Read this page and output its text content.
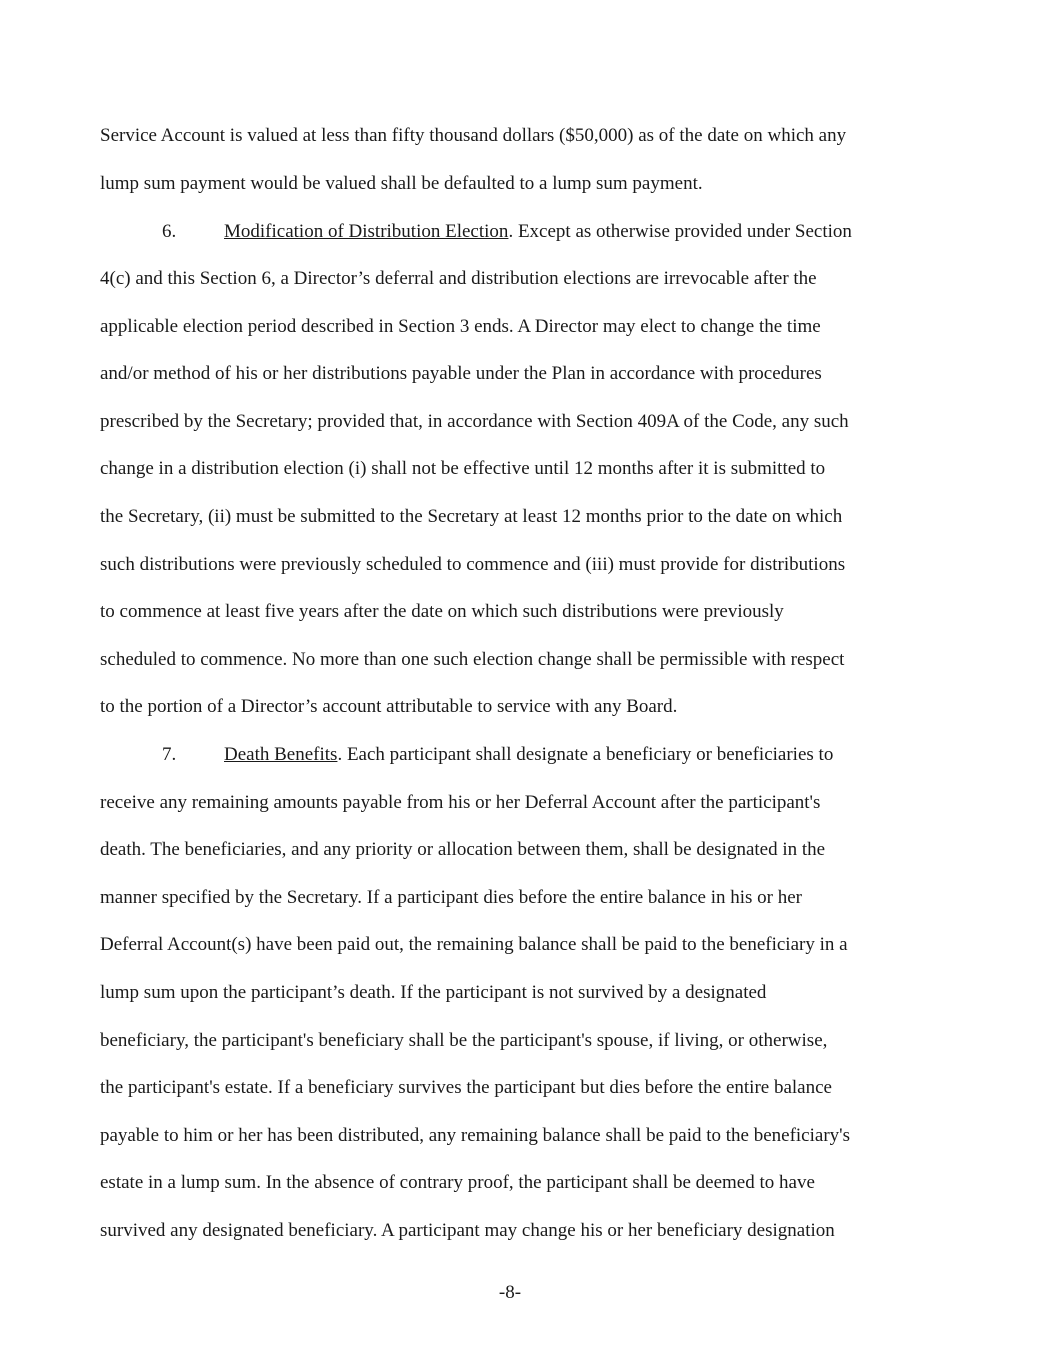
Service Account is valued at less than fifty thousand dollars ($50,000) as of the date on which any
lump sum payment would be valued shall be defaulted to a lump sum payment.
6.	Modification of Distribution Election. Except as otherwise provided under Section
4(c) and this Section 6, a Director’s deferral and distribution elections are irrevocable after the
applicable election period described in Section 3 ends. A Director may elect to change the time
and/or method of his or her distributions payable under the Plan in accordance with procedures
prescribed by the Secretary; provided that, in accordance with Section 409A of the Code, any such
change in a distribution election (i) shall not be effective until 12 months after it is submitted to
the Secretary, (ii) must be submitted to the Secretary at least 12 months prior to the date on which
such distributions were previously scheduled to commence and (iii) must provide for distributions
to commence at least five years after the date on which such distributions were previously
scheduled to commence. No more than one such election change shall be permissible with respect
to the portion of a Director’s account attributable to service with any Board.
7.	Death Benefits. Each participant shall designate a beneficiary or beneficiaries to
receive any remaining amounts payable from his or her Deferral Account after the participant's
death. The beneficiaries, and any priority or allocation between them, shall be designated in the
manner specified by the Secretary. If a participant dies before the entire balance in his or her
Deferral Account(s) have been paid out, the remaining balance shall be paid to the beneficiary in a
lump sum upon the participant’s death. If the participant is not survived by a designated
beneficiary, the participant's beneficiary shall be the participant's spouse, if living, or otherwise,
the participant's estate. If a beneficiary survives the participant but dies before the entire balance
payable to him or her has been distributed, any remaining balance shall be paid to the beneficiary's
estate in a lump sum. In the absence of contrary proof, the participant shall be deemed to have
survived any designated beneficiary. A participant may change his or her beneficiary designation
-8-
